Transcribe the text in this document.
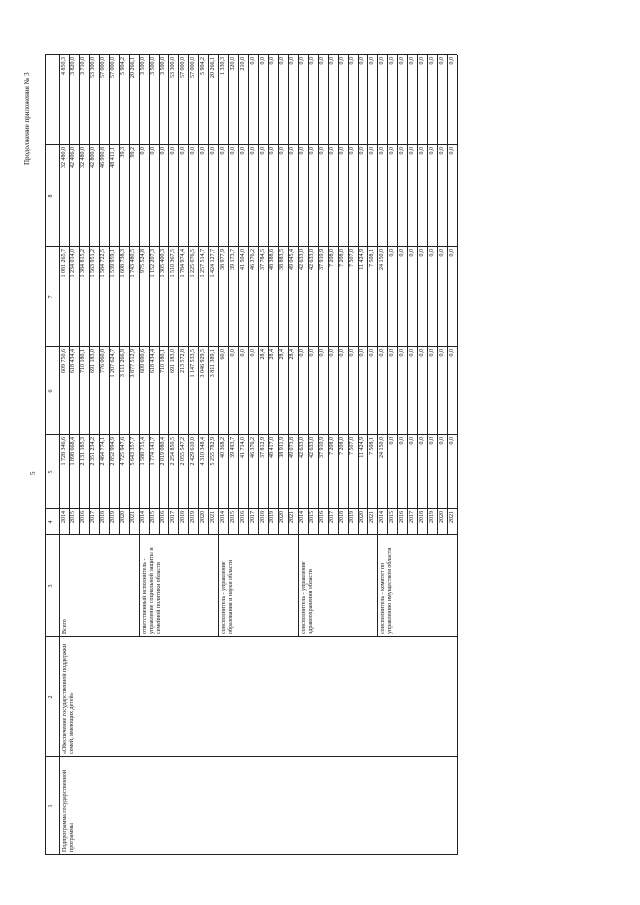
5
Продолжение приложения № 3
1
2
3
4
5
6
7
8
Подпрограмма государственной программы
«Обеспечение государственной поддержки семей, имеющих детей»
Всего
2014
1 728 346,6
609 750,6
1 081 265,7
32 480,0
4 850,3
2015
1 898 668,4
618 434,4
1 234 014,0
42 406,0
3 820,0
2016
2 131 185,3
710 180,1
1 384 815,2
32 480,0
3 710,0
2017
2 351 234,2
691 183,0
1 563 951,2
42 800,0
53 300,0
2018
2 464 774,1
776 060,8
1 584 722,5
46 990,8
57 000,0
2019
2 852 994,9
1 207 624,7
1 539 959,1
48 411,1
57 000,0
2020
4 725 947,6
3 111 266,9
1 608 738,3
39,3
5 904,2
2021
5 643 357,7
3 877 512,9
1 743 480,5
99,2
20 266,1
ответственный исполнитель - управление социальной защиты и семейной политики области
2014
1 588 715,4
609 690,6
975 524,8
0,0
3 500,0
2015
1 774 141,7
618 434,4
1 152 207,3
0,0
3 500,0
2016
2 019 080,4
710 180,1
1 305 400,3
0,0
3 500,0
2017
2 254 850,5
691 183,0
1 510 367,5
0,0
53 300,0
2018
2 055 547,2
213 572,8
1 784 974,4
0,0
57 000,0
2019
2 429 610,0
1 147 533,5
1 225 076,5
0,0
57 000,0
2020
4 310 348,4
3 046 929,5
1 257 514,7
0,0
5 904,2
2021
5 255 782,9
3 811 389,1
1 424 127,7
0,0
20 266,1
соисполнитель - управление образования и науки области
2014
40 368,2
60,0
38 977,9
0,0
1 330,3
2015
39 493,7
0,0
39 173,7
0,0
320,0
2016
41 714,0
0,0
41 504,0
0,0
210,0
2017
46 376,2
0,0
46 376,2
0,0
0,0
2018
37 812,9
28,4
37 784,5
0,0
0,0
2019
48 417,0
28,4
48 388,6
0,0
0,0
2020
38 911,9
28,4
38 883,5
0,0
0,0
2021
49 073,8
28,4
49 045,4
0,0
0,0
соисполнитель - управление здравоохранения области
2014
42 633,0
0,0
42 633,0
0,0
0,0
2015
42 633,0
0,0
42 633,0
0,0
0,0
2016
37 910,9
0,0
37 910,9
0,0
0,0
2017
7 208,0
0,0
7 208,0
0,0
0,0
2018
7 208,0
0,0
7 208,0
0,0
0,0
2019
7 507,0
0,0
7 507,0
0,0
0,0
2020
11 424,9
0,0
11 424,9
0,0
0,0
2021
7 508,1
0,0
7 508,1
0,0
0,0
соисполнитель - комитет по управлению имуществом области
2014
24 150,0
0,0
24 150,0
0,0
0,0
2015
0,0
0,0
0,0
0,0
0,0
2016
0,0
0,0
0,0
0,0
0,0
2017
0,0
0,0
0,0
0,0
0,0
2018
0,0
0,0
0,0
0,0
0,0
2019
0,0
0,0
0,0
0,0
0,0
2020
0,0
0,0
0,0
0,0
0,0
2021
0,0
0,0
0,0
0,0
0,0
